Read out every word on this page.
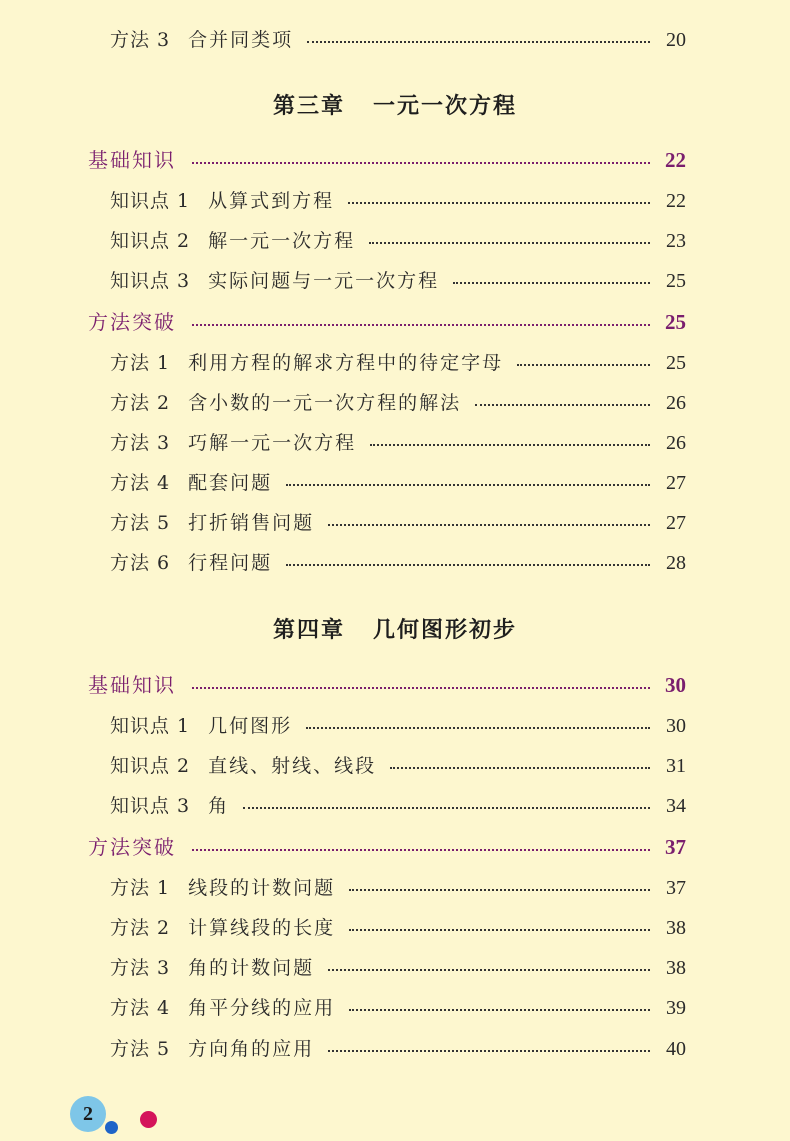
方法 3 合并同类项	20
第三章 一元一次方程
基础知识	22
知识点 1 从算式到方程	22
知识点 2 解一元一次方程	23
知识点 3 实际问题与一元一次方程	25
方法突破	25
方法 1 利用方程的解求方程中的待定字母	25
方法 2 含小数的一元一次方程的解法	26
方法 3 巧解一元一次方程	26
方法 4 配套问题	27
方法 5 打折销售问题	27
方法 6 行程问题	28
第四章 几何图形初步
基础知识	30
知识点 1 几何图形	30
知识点 2 直线、射线、线段	31
知识点 3 角	34
方法突破	37
方法 1 线段的计数问题	37
方法 2 计算线段的长度	38
方法 3 角的计数问题	38
方法 4 角平分线的应用	39
方法 5 方向角的应用	40
2
